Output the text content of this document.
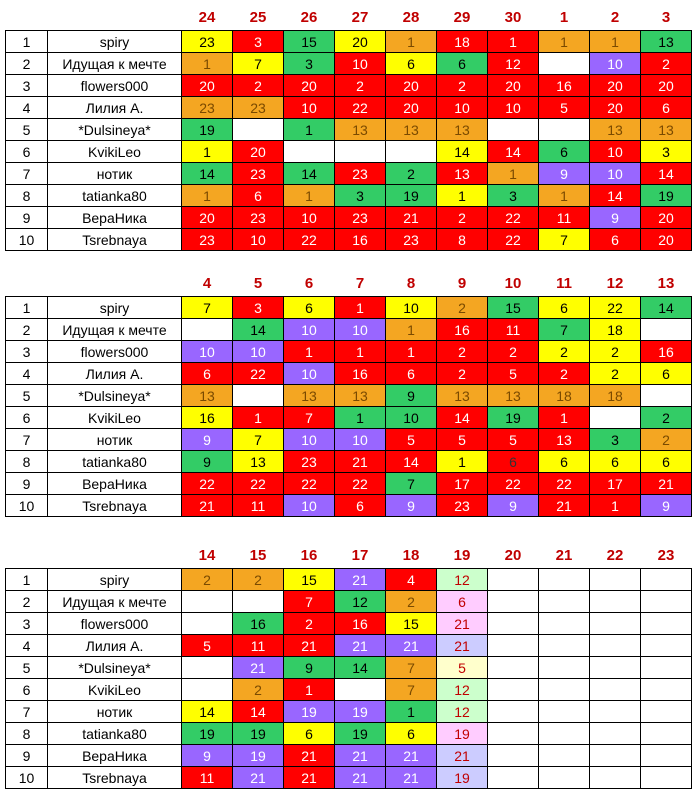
		24	25	26	27	28	29	30	1	2	3
1	spiry	23	3	15	20	1	18	1	1	1	13
2	Идущая к мечте	1	7	3	10	6	6	12		10	2
3	flowers000	20	2	20	2	20	2	20	16	20	20
4	Лилия А.	23	23	10	22	20	10	10	5	20	6
5	*Dulsineya*	19		1	13	13	13			13	13
6	KvikiLeo	1	20				14	14	6	10	3
7	нотик	14	23	14	23	2	13	1	9	10	14
8	tatianka80	1	6	1	3	19	1	3	1	14	19
9	ВераНика	20	23	10	23	21	2	22	11	9	20
10	Tsrebnaya	23	10	22	16	23	8	22	7	6	20
		4	5	6	7	8	9	10	11	12	13
1	spiry	7	3	6	1	10	2	15	6	22	14
2	Идущая к мечте		14	10	10	1	16	11	7	18	
3	flowers000	10	10	1	1	1	2	2	2	2	16
4	Лилия А.	6	22	10	16	6	2	5	2	2	6
5	*Dulsineya*	13		13	13	9	13	13	18	18	
6	KvikiLeo	16	1	7	1	10	14	19	1		2
7	нотик	9	7	10	10	5	5	5	13	3	2
8	tatianka80	9	13	23	21	14	1	6	6	6	6
9	ВераНика	22	22	22	22	7	17	22	22	17	21
10	Tsrebnaya	21	11	10	6	9	23	9	21	1	9
		14	15	16	17	18	19	20	21	22	23
1	spiry	2	2	15	21	4	12				
2	Идущая к мечте			7	12	2	6				
3	flowers000		16	2	16	15	21				
4	Лилия А.	5	11	21	21	21	21				
5	*Dulsineya*		21	9	14	7	5				
6	KvikiLeo		2	1		7	12				
7	нотик	14	14	19	19	1	12				
8	tatianka80	19	19	6	19	6	19				
9	ВераНика	9	19	21	21	21	21				
10	Tsrebnaya	11	21	21	21	21	19				
